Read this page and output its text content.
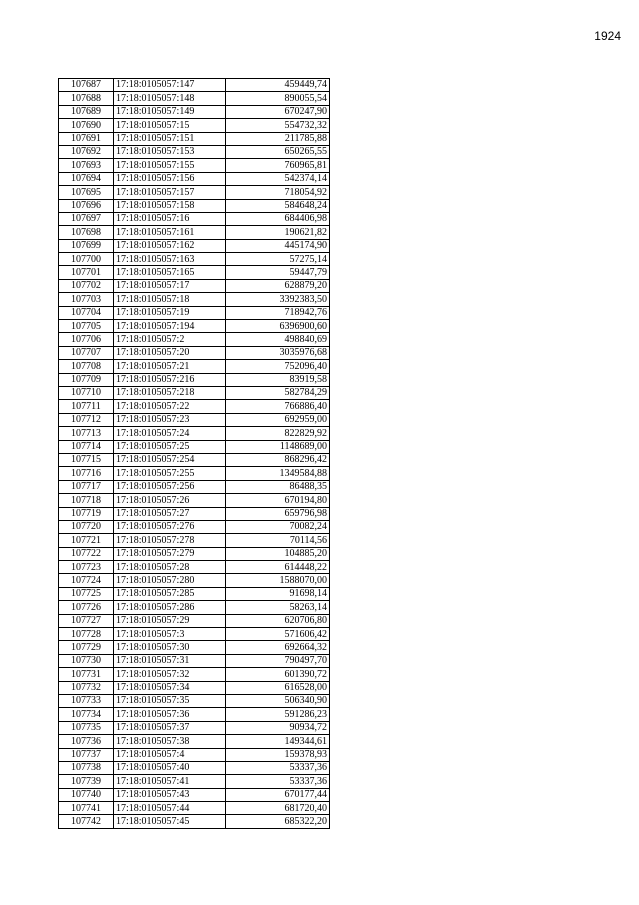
1924
107687	17:18:0105057:147	459449,74
107688	17:18:0105057:148	890055,54
107689	17:18:0105057:149	670247,90
107690	17:18:0105057:15	554732,32
107691	17:18:0105057:151	211785,88
107692	17:18:0105057:153	650265,55
107693	17:18:0105057:155	760965,81
107694	17:18:0105057:156	542374,14
107695	17:18:0105057:157	718054,92
107696	17:18:0105057:158	584648,24
107697	17:18:0105057:16	684406,98
107698	17:18:0105057:161	190621,82
107699	17:18:0105057:162	445174,90
107700	17:18:0105057:163	57275,14
107701	17:18:0105057:165	59447,79
107702	17:18:0105057:17	628879,20
107703	17:18:0105057:18	3392383,50
107704	17:18:0105057:19	718942,76
107705	17:18:0105057:194	6396900,60
107706	17:18:0105057:2	498840,69
107707	17:18:0105057:20	3035976,68
107708	17:18:0105057:21	752096,40
107709	17:18:0105057:216	83919,58
107710	17:18:0105057:218	582784,29
107711	17:18:0105057:22	766886,40
107712	17:18:0105057:23	692959,00
107713	17:18:0105057:24	822829,92
107714	17:18:0105057:25	1148689,00
107715	17:18:0105057:254	868296,42
107716	17:18:0105057:255	1349584,88
107717	17:18:0105057:256	86488,35
107718	17:18:0105057:26	670194,80
107719	17:18:0105057:27	659796,98
107720	17:18:0105057:276	70082,24
107721	17:18:0105057:278	70114,56
107722	17:18:0105057:279	104885,20
107723	17:18:0105057:28	614448,22
107724	17:18:0105057:280	1588070,00
107725	17:18:0105057:285	91698,14
107726	17:18:0105057:286	58263,14
107727	17:18:0105057:29	620706,80
107728	17:18:0105057:3	571606,42
107729	17:18:0105057:30	692664,32
107730	17:18:0105057:31	790497,70
107731	17:18:0105057:32	601390,72
107732	17:18:0105057:34	616528,00
107733	17:18:0105057:35	506340,90
107734	17:18:0105057:36	591286,23
107735	17:18:0105057:37	90934,72
107736	17:18:0105057:38	149344,61
107737	17:18:0105057:4	159378,93
107738	17:18:0105057:40	53337,36
107739	17:18:0105057:41	53337,36
107740	17:18:0105057:43	670177,44
107741	17:18:0105057:44	681720,40
107742	17:18:0105057:45	685322,20
